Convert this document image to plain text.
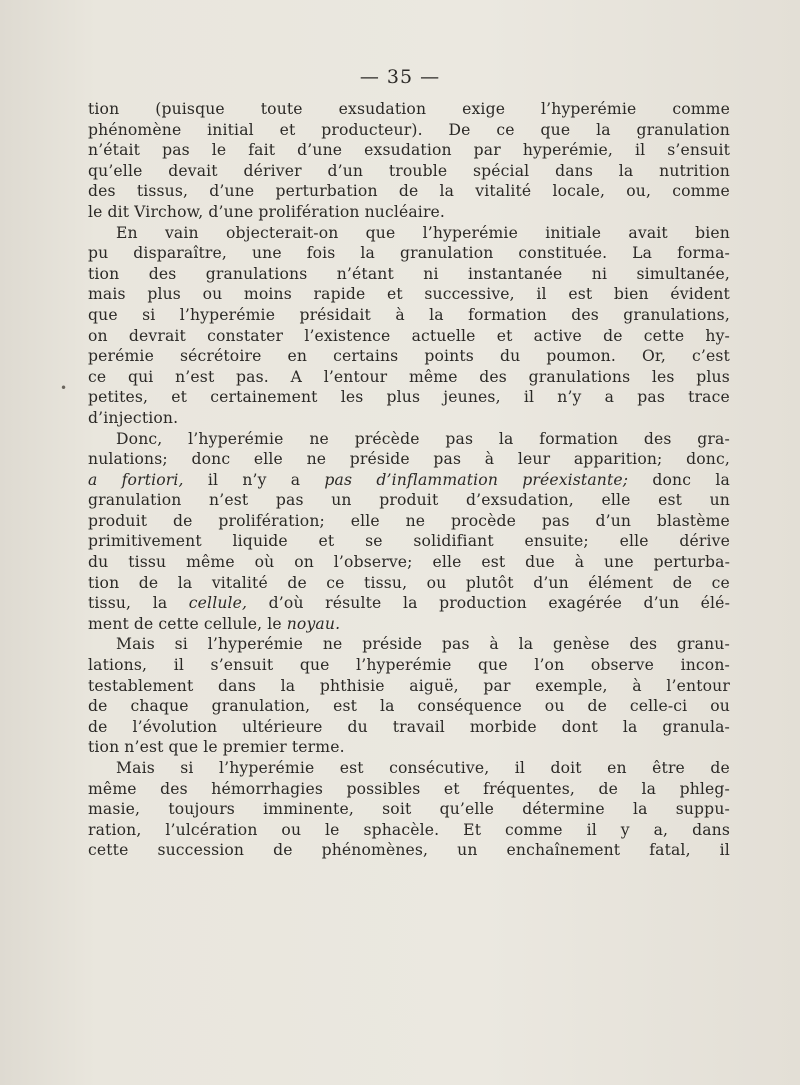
— 35 —
•
tion (puisque toute exsudation exige l’hyperémie comme
phénomène initial et producteur). De ce que la granulation
n’était pas le fait d’une exsudation par hyperémie, il s’ensuit
qu’elle devait dériver d’un trouble spécial dans la nutrition
des tissus, d’une perturbation de la vitalité locale, ou, comme
le dit Virchow, d’une prolifération nucléaire.
En vain objecterait-on que l’hyperémie initiale avait bien
pu disparaître, une fois la granulation constituée. La forma-
tion des granulations n’étant ni instantanée ni simultanée,
mais plus ou moins rapide et successive, il est bien évident
que si l’hyperémie présidait à la formation des granulations,
on devrait constater l’existence actuelle et active de cette hy-
perémie sécrétoire en certains points du poumon. Or, c’est
ce qui n’est pas. A l’entour même des granulations les plus
petites, et certainement les plus jeunes, il n’y a pas trace
d’injection.
Donc, l’hyperémie ne précède pas la formation des gra-
nulations; donc elle ne préside pas à leur apparition; donc,
a fortiori, il n’y a pas d’inflammation préexistante; donc la
granulation n’est pas un produit d’exsudation, elle est un
produit de prolifération; elle ne procède pas d’un blastème
primitivement liquide et se solidifiant ensuite; elle dérive
du tissu même où on l’observe; elle est due à une perturba-
tion de la vitalité de ce tissu, ou plutôt d’un élément de ce
tissu, la cellule, d’où résulte la production exagérée d’un élé-
ment de cette cellule, le noyau.
Mais si l’hyperémie ne préside pas à la genèse des granu-
lations, il s’ensuit que l’hyperémie que l’on observe incon-
testablement dans la phthisie aiguë, par exemple, à l’entour
de chaque granulation, est la conséquence ou de celle-ci ou
de l’évolution ultérieure du travail morbide dont la granula-
tion n’est que le premier terme.
Mais si l’hyperémie est consécutive, il doit en être de
même des hémorrhagies possibles et fréquentes, de la phleg-
masie, toujours imminente, soit qu’elle détermine la suppu-
ration, l’ulcération ou le sphacèle. Et comme il y a, dans
cette succession de phénomènes, un enchaînement fatal, il
